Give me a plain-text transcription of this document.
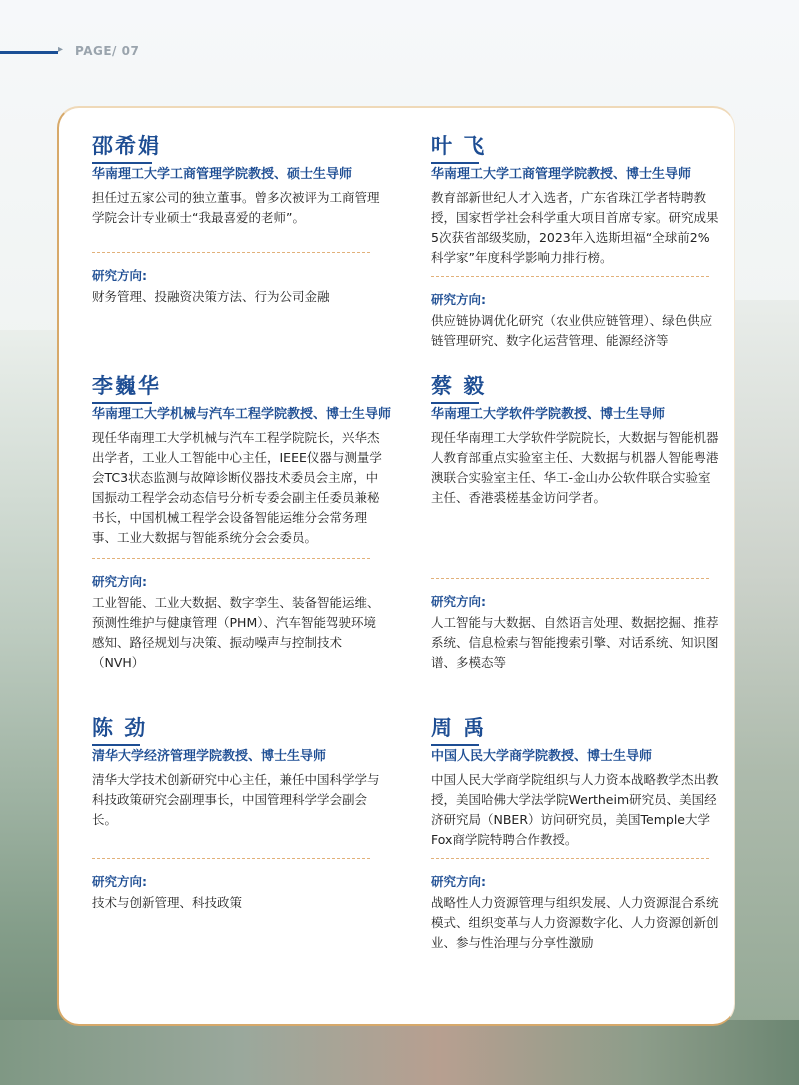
▸ PAGE/ 07
邵希娟
华南理工大学工商管理学院教授、硕士生导师
担任过五家公司的独立董事。曾多次被评为工商管理学院会计专业硕士“我最喜爱的老师”。
研究方向:
财务管理、投融资决策方法、行为公司金融
叶 飞
华南理工大学工商管理学院教授、博士生导师
教育部新世纪人才入选者，广东省珠江学者特聘教授，国家哲学社会科学重大项目首席专家。研究成果5次获省部级奖励，2023年入选斯坦福“全球前2%科学家”年度科学影响力排行榜。
研究方向:
供应链协调优化研究（农业供应链管理）、绿色供应链管理研究、数字化运营管理、能源经济等
李巍华
华南理工大学机械与汽车工程学院教授、博士生导师
现任华南理工大学机械与汽车工程学院院长，兴华杰出学者，工业人工智能中心主任，IEEE仪器与测量学会TC3状态监测与故障诊断仪器技术委员会主席，中国振动工程学会动态信号分析专委会副主任委员兼秘书长，中国机械工程学会设备智能运维分会常务理事、工业大数据与智能系统分会会委员。
研究方向:
工业智能、工业大数据、数字孪生、装备智能运维、预测性维护与健康管理（PHM）、汽车智能驾驶环境感知、路径规划与决策、振动噪声与控制技术（NVH）
蔡 毅
华南理工大学软件学院教授、博士生导师
现任华南理工大学软件学院院长，大数据与智能机器人教育部重点实验室主任、大数据与机器人智能粤港澳联合实验室主任、华工-金山办公软件联合实验室主任、香港裘槎基金访问学者。
研究方向:
人工智能与大数据、自然语言处理、数据挖掘、推荐系统、信息检索与智能搜索引擎、对话系统、知识图谱、多模态等
陈 劲
清华大学经济管理学院教授、博士生导师
清华大学技术创新研究中心主任，兼任中国科学学与科技政策研究会副理事长，中国管理科学学会副会长。
研究方向:
技术与创新管理、科技政策
周 禹
中国人民大学商学院教授、博士生导师
中国人民大学商学院组织与人力资本战略教学杰出教授，美国哈佛大学法学院Wertheim研究员、美国经济研究局（NBER）访问研究员，美国Temple大学Fox商学院特聘合作教授。
研究方向:
战略性人力资源管理与组织发展、人力资源混合系统模式、组织变革与人力资源数字化、人力资源创新创业、参与性治理与分享性激励
